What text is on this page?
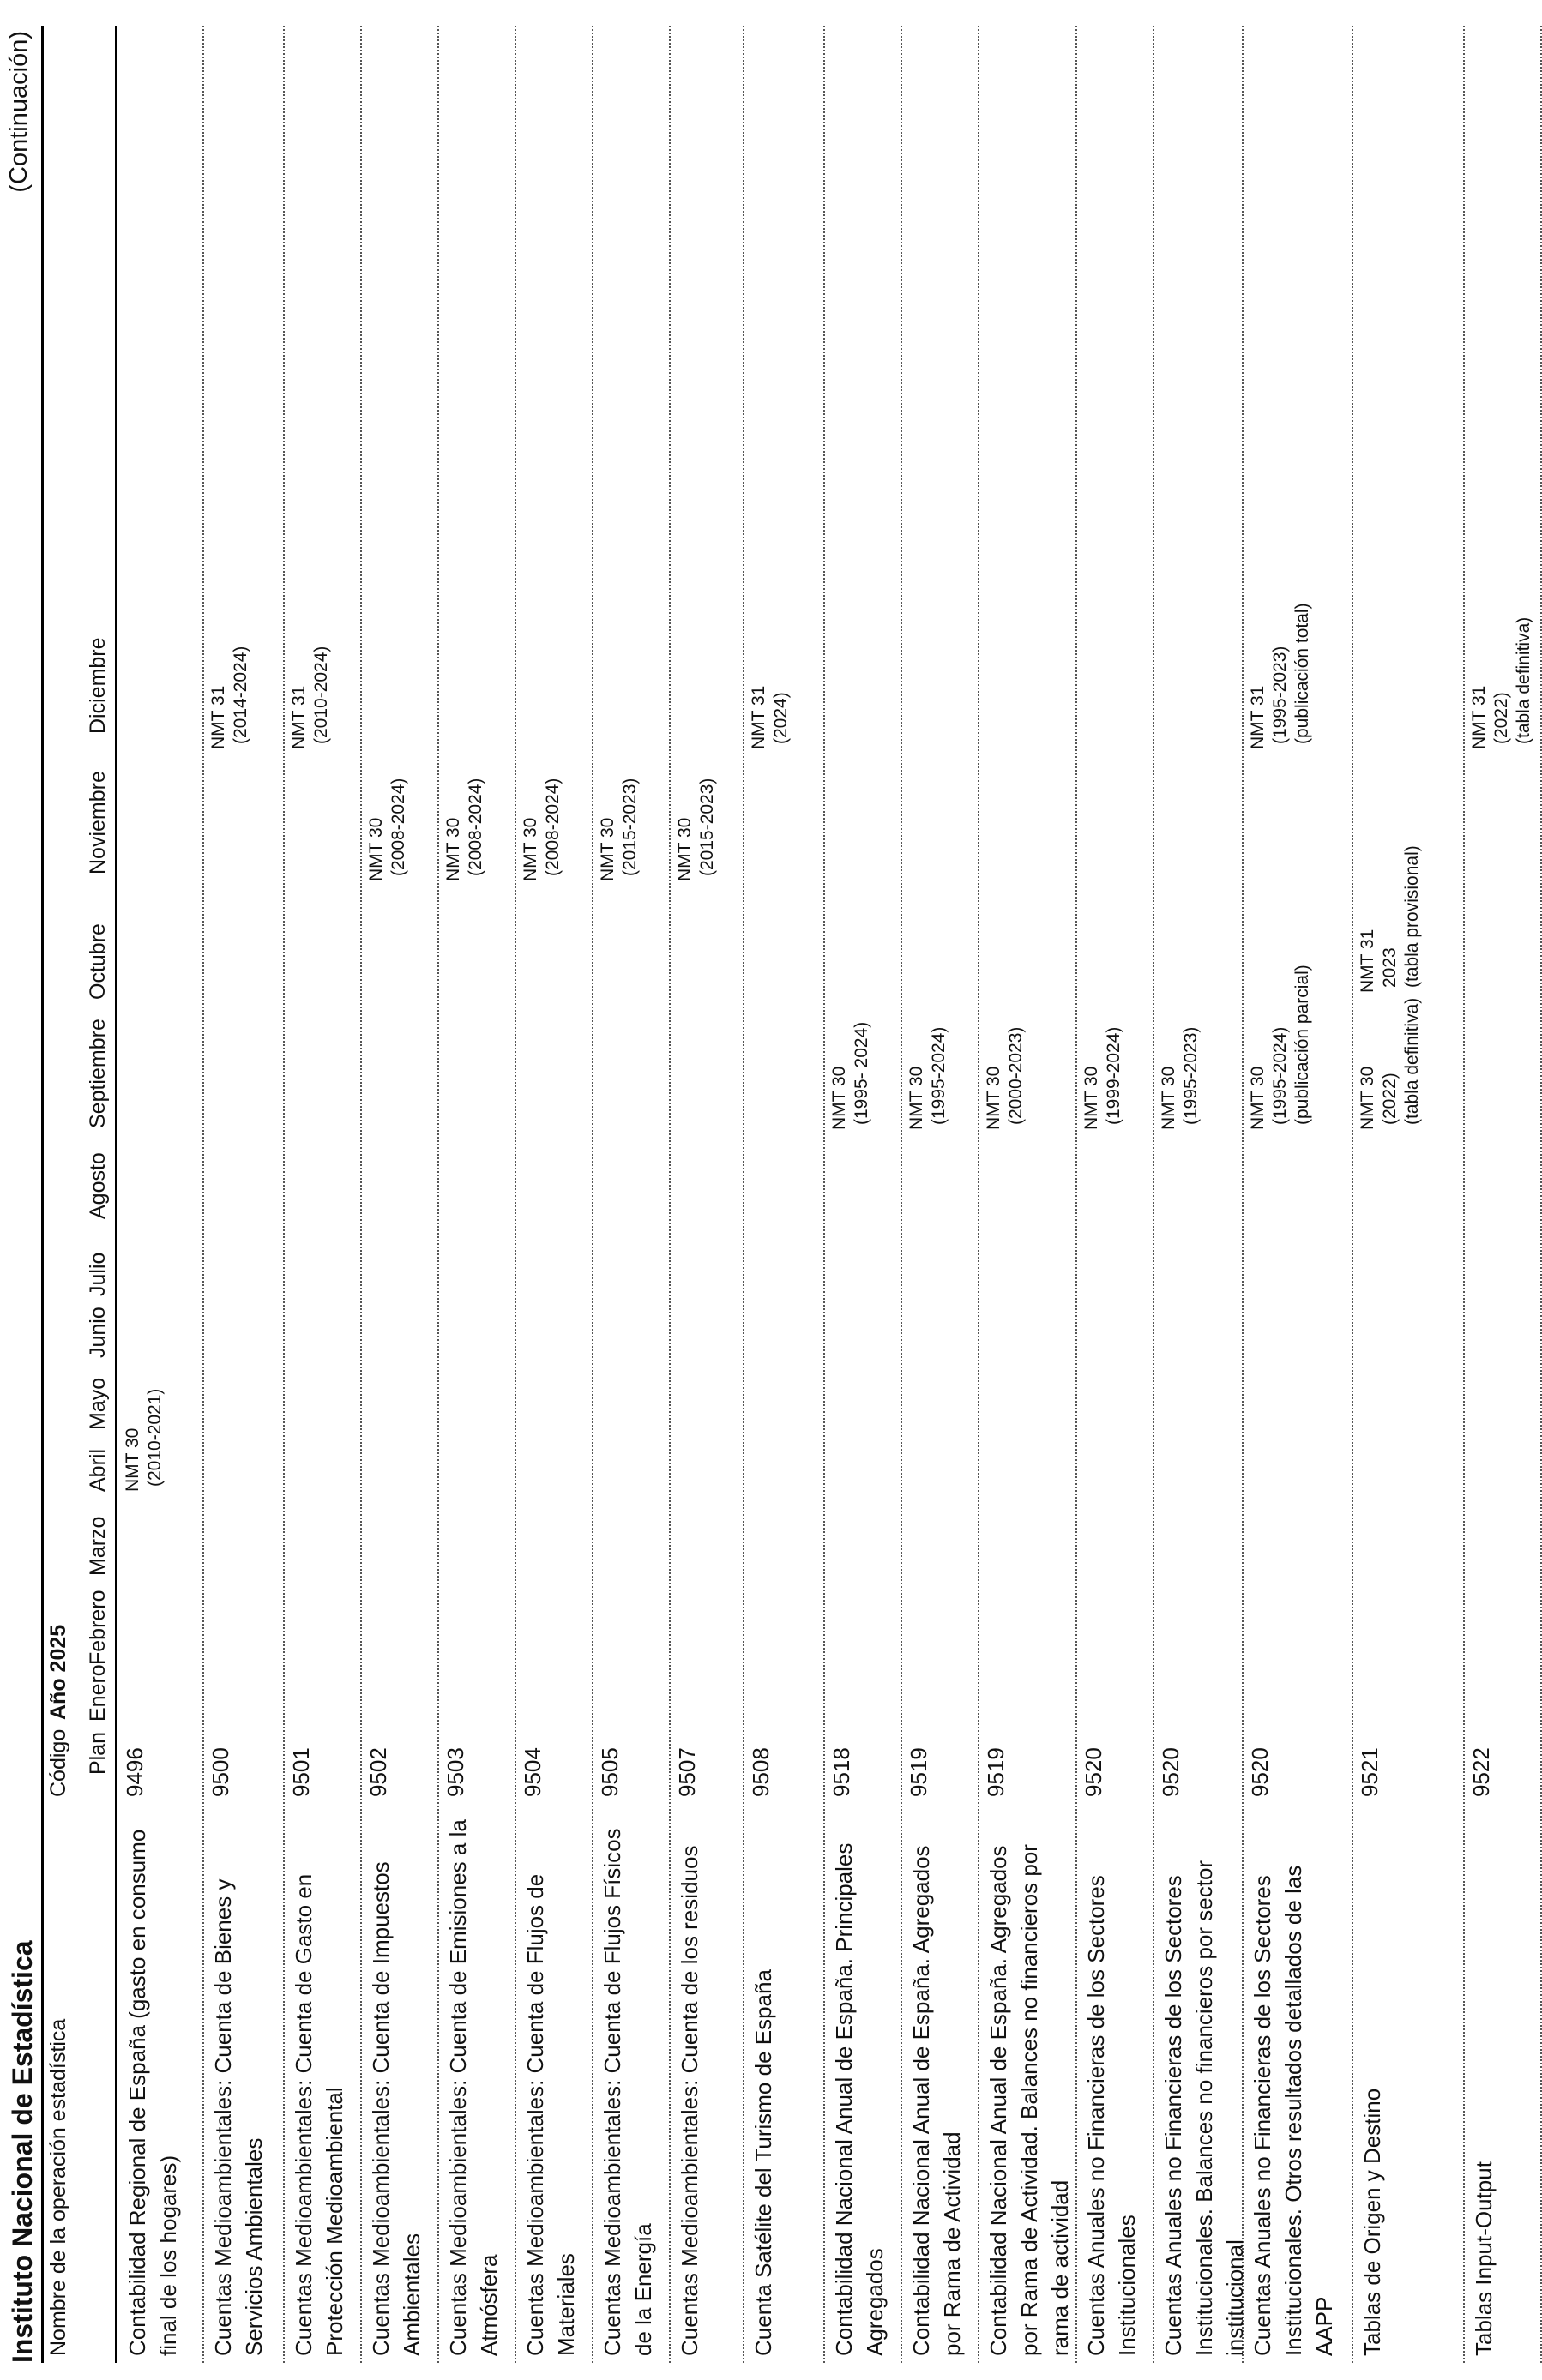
Instituto Nacional de Estadística
(Continuación)
Nombre de la operación estadística
Código Plan
Año 2025 Enero
Febrero
Marzo
Abril
Mayo
Junio
Julio
Agosto
Septiembre
Octubre
Noviembre
Diciembre
Contabilidad Regional de España (gasto en consumo final de los hogares)
9496
NMT 30 (2010-2021)
Cuentas Medioambientales: Cuenta de Bienes y Servicios Ambientales
9500
NMT 31 (2014-2024)
Cuentas Medioambientales: Cuenta de Gasto en Protección Medioambiental
9501
NMT 31 (2010-2024)
Cuentas Medioambientales: Cuenta de Impuestos Ambientales
9502
NMT 30 (2008-2024)
Cuentas Medioambientales: Cuenta de Emisiones a la Atmósfera
9503
NMT 30 (2008-2024)
Cuentas Medioambientales: Cuenta de Flujos de Materiales
9504
NMT 30 (2008-2024)
Cuentas Medioambientales: Cuenta de Flujos Físicos de la Energía
9505
NMT 30 (2015-2023)
Cuentas Medioambientales: Cuenta de los residuos
9507
NMT 30 (2015-2023)
Cuenta Satélite del Turismo de España
9508
NMT 31 (2024)
Contabilidad Nacional Anual de España. Principales Agregados
9518
NMT 30 (1995- 2024)
Contabilidad Nacional Anual de España. Agregados por Rama de Actividad
9519
NMT 30 (1995-2024)
Contabilidad Nacional Anual de España. Agregados por Rama de Actividad. Balances no financieros por rama de actividad
9519
NMT 30 (2000-2023)
Cuentas Anuales no Financieras de los Sectores Institucionales
9520
NMT 30 (1999-2024)
Cuentas Anuales no Financieras de los Sectores Institucionales. Balances no financieros por sector institucional
9520
NMT 30 (1995-2023)
Cuentas Anuales no Financieras de los Sectores Institucionales. Otros resultados detallados de las AAPP
9520
NMT 30 (1995-2024) (publicación parcial)
NMT 31 (1995-2023) (publicación total)
Tablas de Origen y Destino
9521
NMT 30 (2022) (tabla definitiva)
NMT 31 2023 (tabla provisional)
Tablas Input-Output
9522
NMT 31 (2022) (tabla definitiva)
